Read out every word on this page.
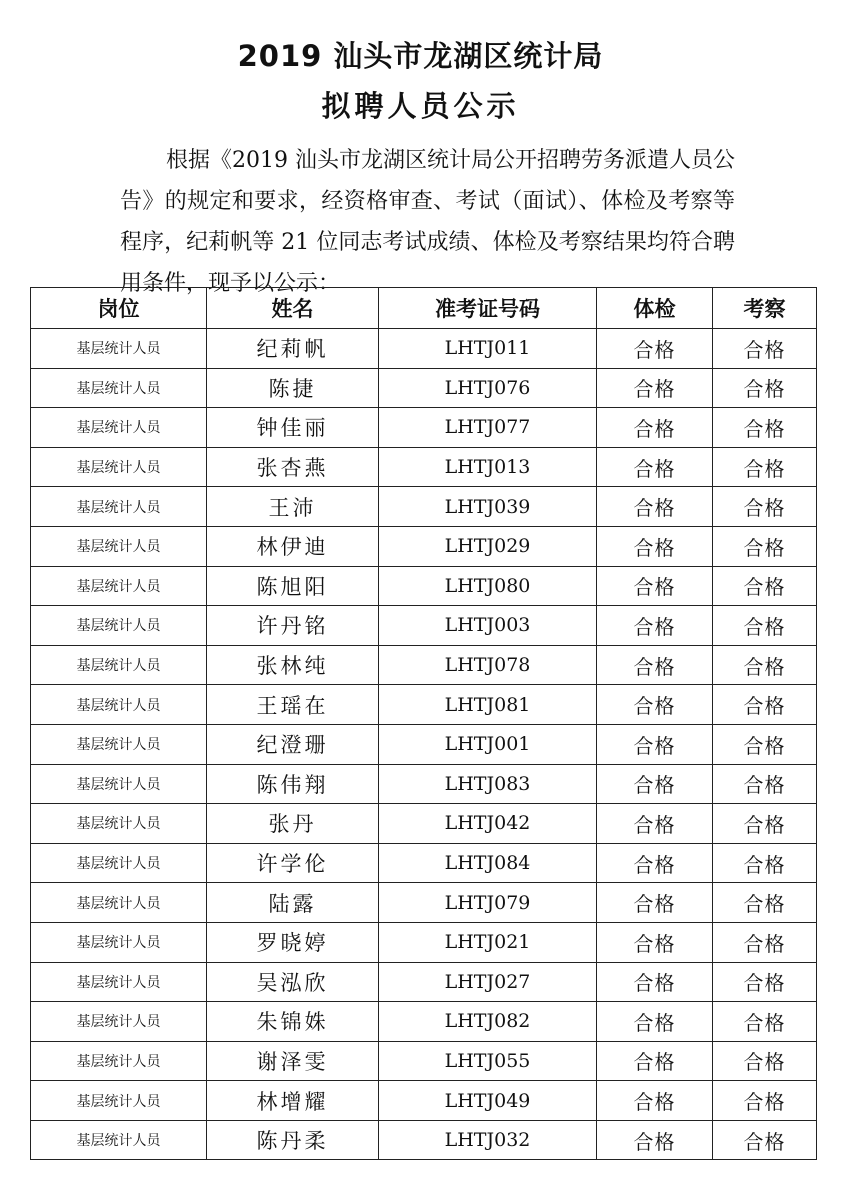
2019 汕头市龙湖区统计局
拟聘人员公示

根据《2019 汕头市龙湖区统计局公开招聘劳务派遣人员公告》的规定和要求，经资格审查、考试（面试）、体检及考察等程序，纪莉帆等 21 位同志考试成绩、体检及考察结果均符合聘用条件，现予以公示：

岗位	姓名	准考证号码	体检	考察
基层统计人员	纪莉帆	LHTJ011	合格	合格
基层统计人员	陈捷	LHTJ076	合格	合格
基层统计人员	钟佳丽	LHTJ077	合格	合格
基层统计人员	张杏燕	LHTJ013	合格	合格
基层统计人员	王沛	LHTJ039	合格	合格
基层统计人员	林伊迪	LHTJ029	合格	合格
基层统计人员	陈旭阳	LHTJ080	合格	合格
基层统计人员	许丹铭	LHTJ003	合格	合格
基层统计人员	张林纯	LHTJ078	合格	合格
基层统计人员	王瑶在	LHTJ081	合格	合格
基层统计人员	纪澄珊	LHTJ001	合格	合格
基层统计人员	陈伟翔	LHTJ083	合格	合格
基层统计人员	张丹	LHTJ042	合格	合格
基层统计人员	许学伦	LHTJ084	合格	合格
基层统计人员	陆露	LHTJ079	合格	合格
基层统计人员	罗晓婷	LHTJ021	合格	合格
基层统计人员	吴泓欣	LHTJ027	合格	合格
基层统计人员	朱锦姝	LHTJ082	合格	合格
基层统计人员	谢泽雯	LHTJ055	合格	合格
基层统计人员	林增耀	LHTJ049	合格	合格
基层统计人员	陈丹柔	LHTJ032	合格	合格
